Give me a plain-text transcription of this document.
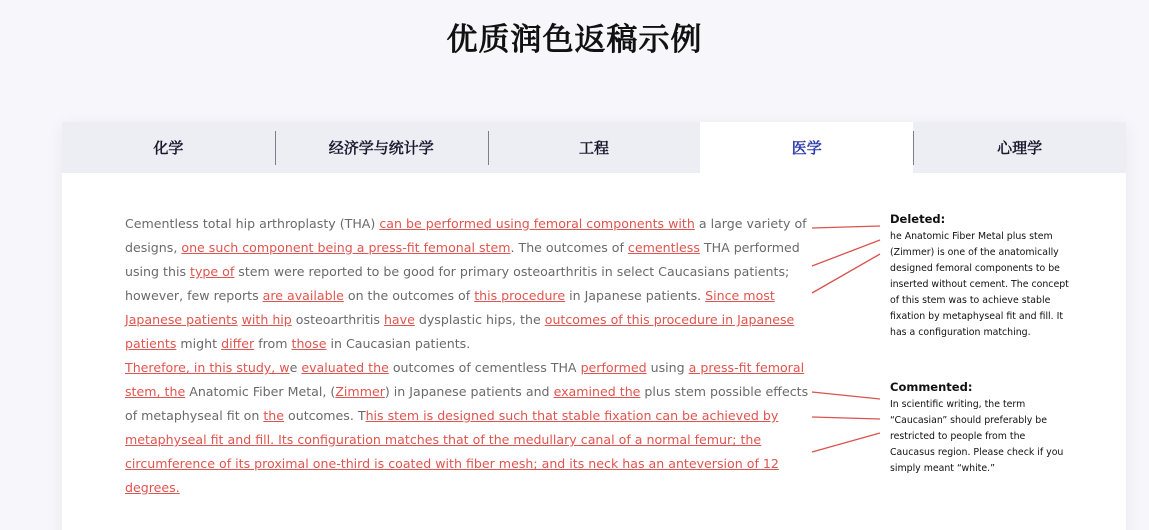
优质润色返稿示例
化学	经济学与统计学	工程	医学	心理学
Cementless total hip arthroplasty (THA) can be performed using femoral components with a large variety of designs, one such component being a press-fit femonal stem. The outcomes of cementless THA performed using this type of stem were reported to be good for primary osteoarthritis in select Caucasians patients; however, few reports are available on the outcomes of this procedure in Japanese patients. Since most Japanese patients with hip osteoarthritis have dysplastic hips, the outcomes of this procedure in Japanese patients might differ from those in Caucasian patients.
Therefore, in this study, we evaluated the outcomes of cementless THA performed using a press-fit femoral stem, the Anatomic Fiber Metal, (Zimmer) in Japanese patients and examined the plus stem possible effects of metaphyseal fit on the outcomes. This stem is designed such that stable fixation can be achieved by metaphyseal fit and fill. Its configuration matches that of the medullary canal of a normal femur; the circumference of its proximal one-third is coated with fiber mesh; and its neck has an anteversion of 12 degrees.
Deleted:
he Anatomic Fiber Metal plus stem (Zimmer) is one of the anatomically designed femoral components to be inserted without cement. The concept of this stem was to achieve stable fixation by metaphyseal fit and fill. It has a configuration matching.
Commented:
In scientific writing, the term “Caucasian” should preferably be restricted to people from the Caucasus region. Please check if you simply meant “white.”
